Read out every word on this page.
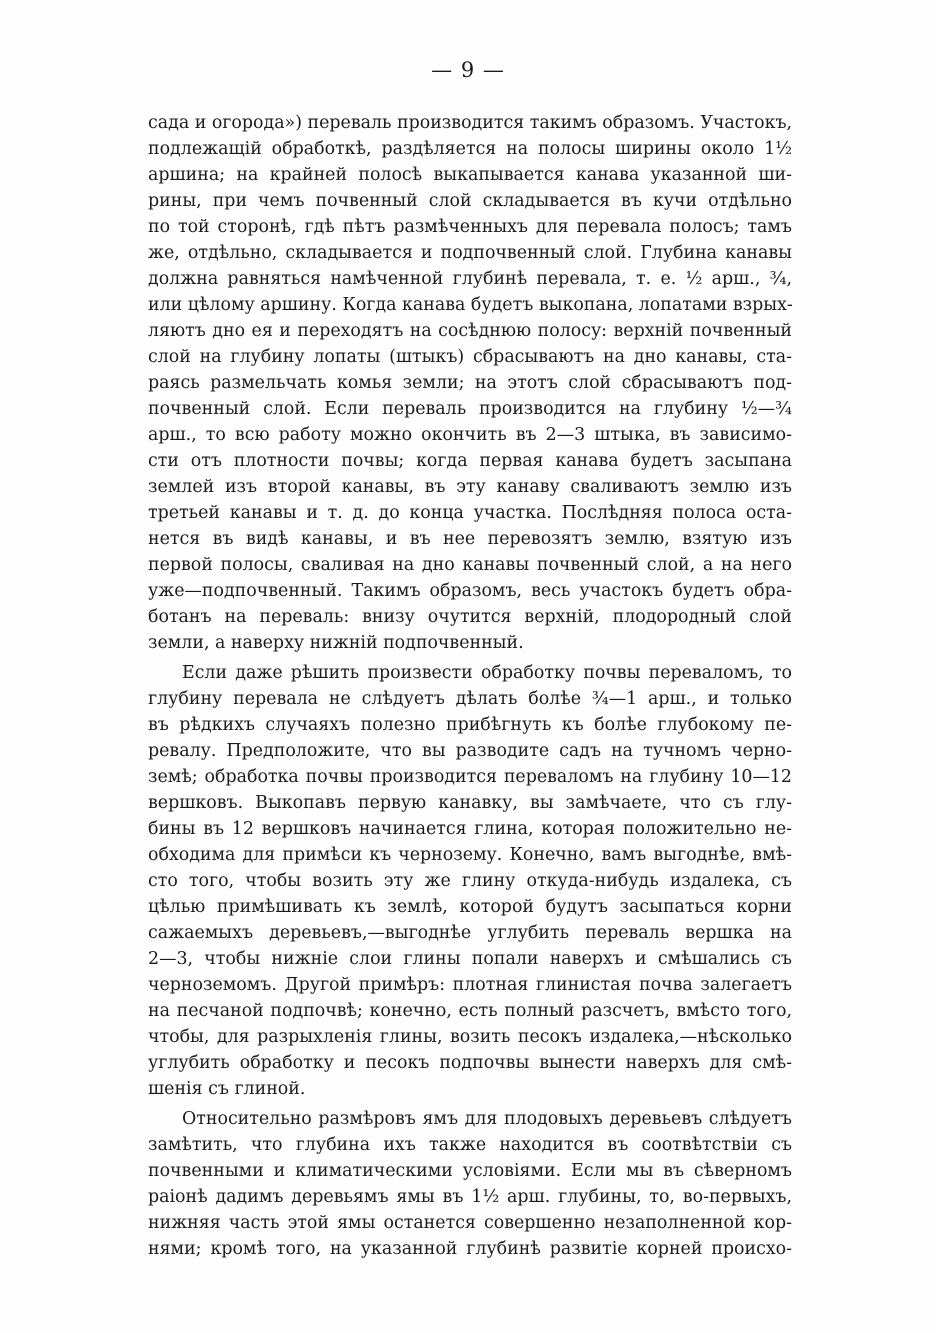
— 9 —
сада и огорода») переваль производится такимъ образомъ. Участокъ,
подлежащій обработкѣ, раздѣляется на полосы ширины около 1½
аршина; на крайней полосѣ выкапывается канава указанной ши-
рины, при чемъ почвенный слой складывается въ кучи отдѣльно
по той сторонѣ, гдѣ пѣтъ размѣченныхъ для перевала полосъ; тамъ
же, отдѣльно, складывается и подпочвенный слой. Глубина канавы
должна равняться намѣченной глубинѣ перевала, т. е. ½ арш., ¾,
или цѣлому аршину. Когда канава будетъ выкопана, лопатами взрых-
ляютъ дно ея и переходятъ на сосѣднюю полосу: верхній почвенный
слой на глубину лопаты (штыкъ) сбрасываютъ на дно канавы, ста-
раясь размельчать комья земли; на этотъ слой сбрасываютъ под-
почвенный слой. Если переваль производится на глубину ½—¾
арш., то всю работу можно окончить въ 2—3 штыка, въ зависимо-
сти отъ плотности почвы; когда первая канава будетъ засыпана
землей изъ второй канавы, въ эту канаву сваливаютъ землю изъ
третьей канавы и т. д. до конца участка. Послѣдняя полоса оста-
нется въ видѣ канавы, и въ нее перевозятъ землю, взятую изъ
первой полосы, сваливая на дно канавы почвенный слой, а на него
уже—подпочвенный. Такимъ образомъ, весь участокъ будетъ обра-
ботанъ на переваль: внизу очутится верхній, плодородный слой
земли, а наверху нижній подпочвенный.
Если даже рѣшить произвести обработку почвы переваломъ, то
глубину перевала не слѣдуетъ дѣлать болѣе ¾—1 арш., и только
въ рѣдкихъ случаяхъ полезно прибѣгнуть къ болѣе глубокому пе-
ревалу. Предположите, что вы разводите садъ на тучномъ черно-
земѣ; обработка почвы производится переваломъ на глубину 10—12
вершковъ. Выкопавъ первую канавку, вы замѣчаете, что съ глу-
бины въ 12 вершковъ начинается глина, которая положительно не-
обходима для примѣси къ чернозему. Конечно, вамъ выгоднѣе, вмѣ-
сто того, чтобы возить эту же глину откуда-нибудь издалека, съ
цѣлью примѣшивать къ землѣ, которой будутъ засыпаться корни
сажаемыхъ деревьевъ,—выгоднѣе углубить переваль вершка на
2—3, чтобы нижніе слои глины попали наверхъ и смѣшались съ
черноземомъ. Другой примѣръ: плотная глинистая почва залегаетъ
на песчаной подпочвѣ; конечно, есть полный разсчетъ, вмѣсто того,
чтобы, для разрыхленія глины, возить песокъ издалека,—нѣсколько
углубить обработку и песокъ подпочвы вынести наверхъ для смѣ-
шенія съ глиной.
Относительно размѣровъ ямъ для плодовыхъ деревьевъ слѣдуетъ
замѣтить, что глубина ихъ также находится въ соотвѣтствіи съ
почвенными и климатическими условіями. Если мы въ сѣверномъ
раіонѣ дадимъ деревьямъ ямы въ 1½ арш. глубины, то, во-первыхъ,
нижняя часть этой ямы останется совершенно незаполненной кор-
нями; кромѣ того, на указанной глубинѣ развитіе корней происхо-
